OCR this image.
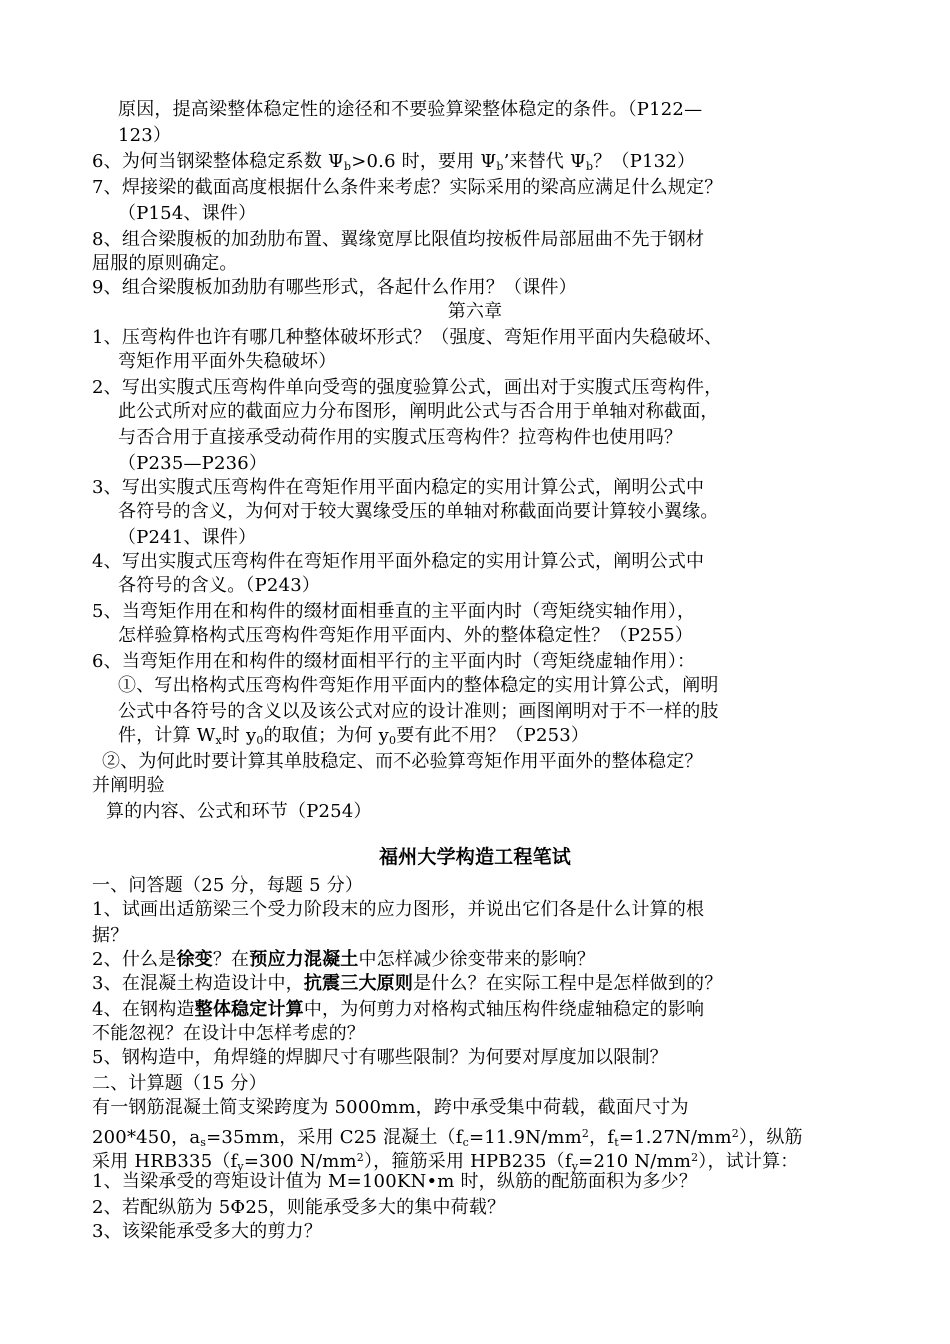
原因，提高梁整体稳定性的途径和不要验算梁整体稳定的条件。（P122—
123）
6、为何当钢梁整体稳定系数 $\Psi_b>0.6$ 时，要用 $\Psi_b$’来替代 $\Psi_b$？（P132）
7、焊接梁的截面高度根据什么条件来考虑？实际采用的梁高应满足什么规定？
（P154、课件）
8、组合梁腹板的加劲肋布置、翼缘宽厚比限值均按板件局部屈曲不先于钢材
屈服的原则确定。
9、组合梁腹板加劲肋有哪些形式，各起什么作用？（课件）
第六章
1、压弯构件也许有哪几种整体破坏形式？（强度、弯矩作用平面内失稳破坏、
弯矩作用平面外失稳破坏）
2、写出实腹式压弯构件单向受弯的强度验算公式，画出对于实腹式压弯构件，
此公式所对应的截面应力分布图形，阐明此公式与否合用于单轴对称截面，
与否合用于直接承受动荷作用的实腹式压弯构件？拉弯构件也使用吗？
（P235—P236）
3、写出实腹式压弯构件在弯矩作用平面内稳定的实用计算公式，阐明公式中
各符号的含义，为何对于较大翼缘受压的单轴对称截面尚要计算较小翼缘。
（P241、课件）
4、写出实腹式压弯构件在弯矩作用平面外稳定的实用计算公式，阐明公式中
各符号的含义。（P243）
5、当弯矩作用在和构件的缀材面相垂直的主平面内时（弯矩绕实轴作用），
怎样验算格构式压弯构件弯矩作用平面内、外的整体稳定性？（P255）
6、当弯矩作用在和构件的缀材面相平行的主平面内时（弯矩绕虚轴作用）：
①、写出格构式压弯构件弯矩作用平面内的整体稳定的实用计算公式，阐明
公式中各符号的含义以及该公式对应的设计准则；画图阐明对于不一样的肢
件，计算 $W_x$时 $y_0$的取值；为何 $y_0$要有此不用？（P253）
②、为何此时要计算其单肢稳定、而不必验算弯矩作用平面外的整体稳定？
并阐明验
算的内容、公式和环节（P254）
福州大学构造工程笔试
一、问答题（25 分，每题 5 分）
1、试画出适筋梁三个受力阶段末的应力图形，并说出它们各是什么计算的根
据？
2、什么是徐变？在预应力混凝土中怎样减少徐变带来的影响？
3、在混凝土构造设计中，抗震三大原则是什么？在实际工程中是怎样做到的？
4、在钢构造整体稳定计算中，为何剪力对格构式轴压构件绕虚轴稳定的影响
不能忽视？在设计中怎样考虑的？
5、钢构造中，角焊缝的焊脚尺寸有哪些限制？为何要对厚度加以限制？
二、计算题（15 分）
有一钢筋混凝土简支梁跨度为 5000mm，跨中承受集中荷载，截面尺寸为
200*450，$a_s=35mm$，采用 C25 混凝土（$f_c=11.9N/mm^2$，$f_t=1.27N/mm^2$），纵筋
采用 $HRB335(f_y=300$ $N/mm^2$），箍筋采用 $HPB235(f_y=210$ $N/mm^2$），试计算：
1、当梁承受的弯矩设计值为 M=100KN•m 时，纵筋的配筋面积为多少？
2、若配纵筋为 5Φ25，则能承受多大的集中荷载？
3、该梁能承受多大的剪力？
